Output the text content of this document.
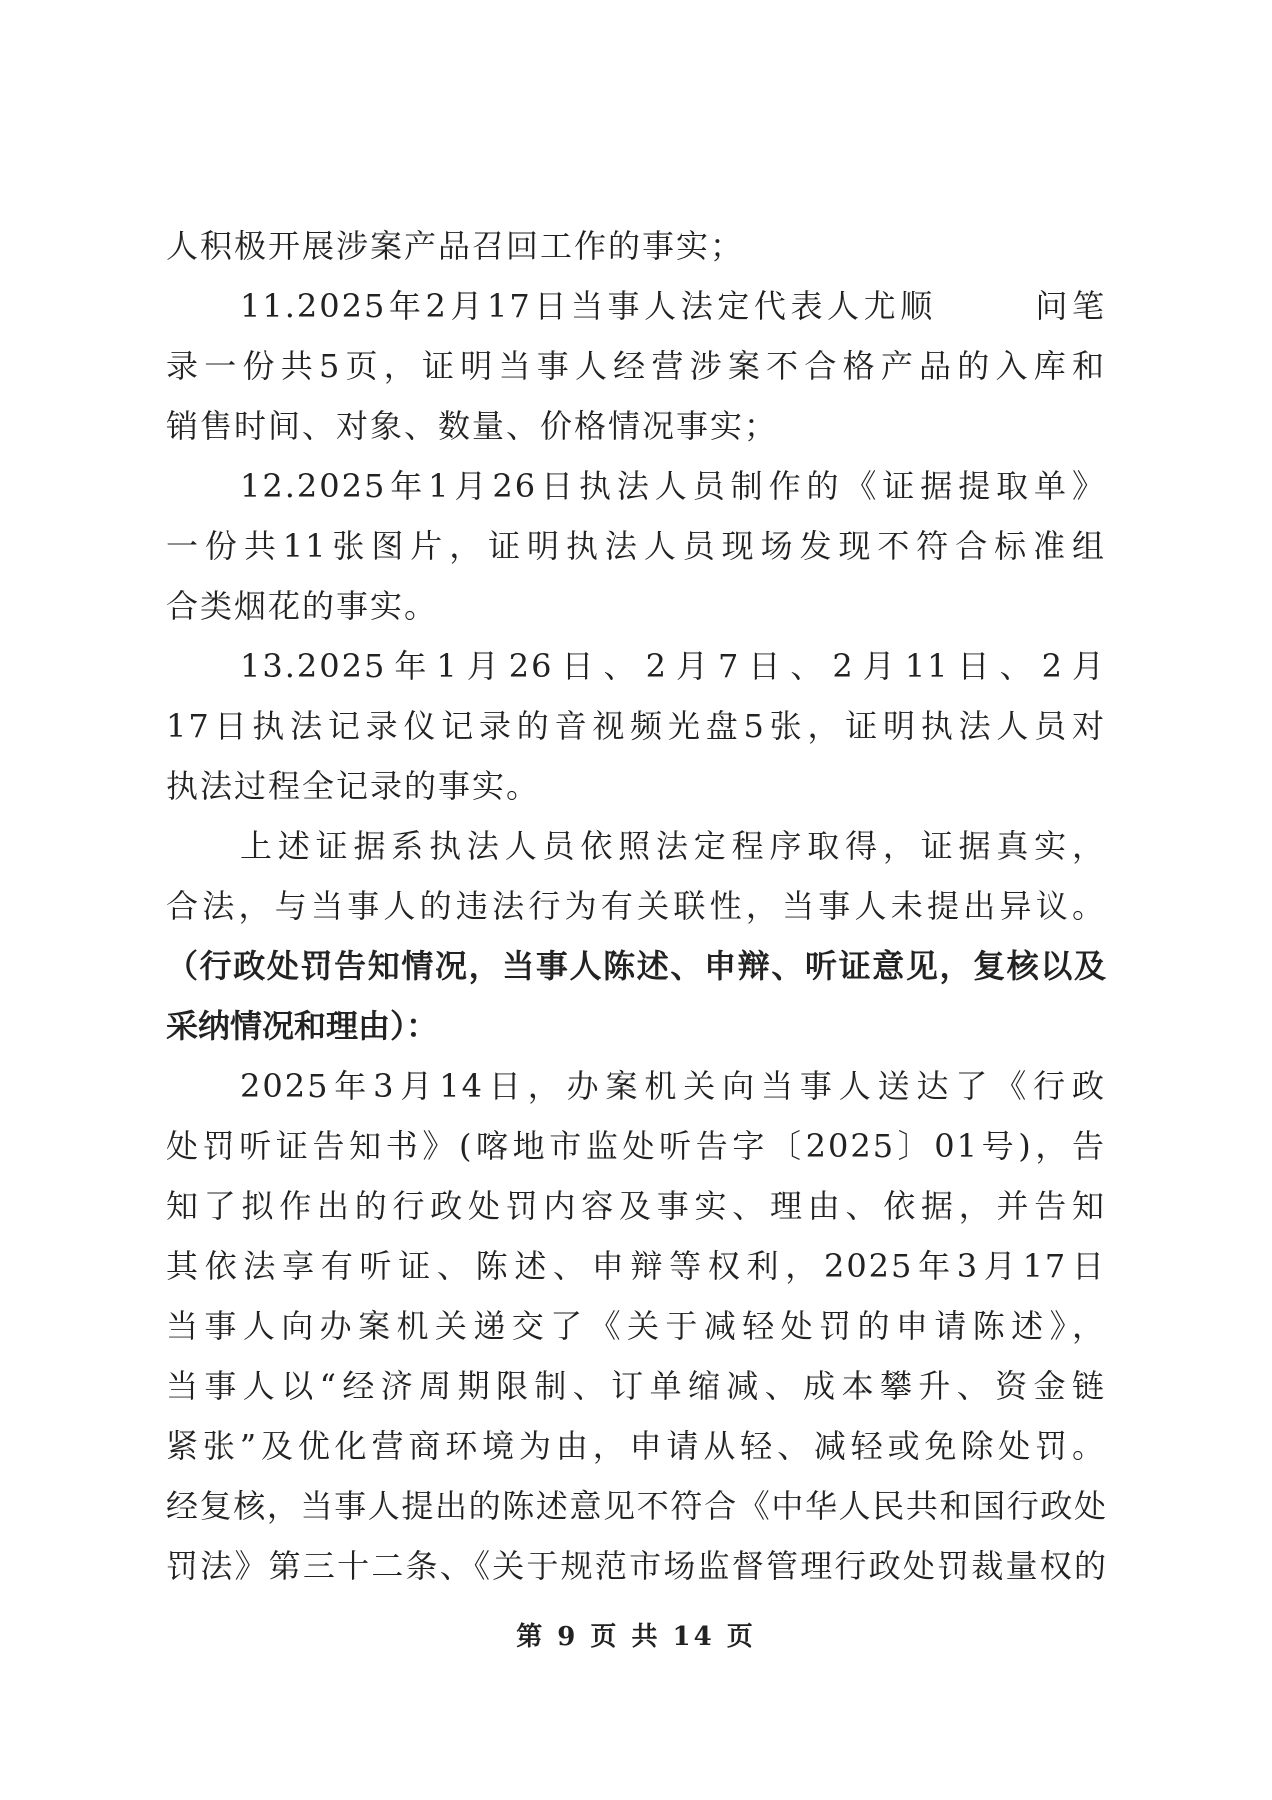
人积极开展涉案产品召回工作的事实；
11.2025年2月17日当事人法定代表人尤顺	问笔
录一份共5页，证明当事人经营涉案不合格产品的入库和
销售时间、对象、数量、价格情况事实；
12.2025年1月26日执法人员制作的《证据提取单》
一份共11张图片，证明执法人员现场发现不符合标准组
合类烟花的事实。
13.2025年1月26日、2月7日、2月11日、2月
17日执法记录仪记录的音视频光盘5张，证明执法人员对
执法过程全记录的事实。
上述证据系执法人员依照法定程序取得，证据真实，
合法，与当事人的违法行为有关联性，当事人未提出异议。
（行政处罚告知情况，当事人陈述、申辩、听证意见，复核以及
采纳情况和理由）：
2025年3月14日，办案机关向当事人送达了《行政
处罚听证告知书》(喀地市监处听告字〔2025〕01号)，告
知了拟作出的行政处罚内容及事实、理由、依据，并告知
其依法享有听证、陈述、申辩等权利，2025年3月17日
当事人向办案机关递交了《关于减轻处罚的申请陈述》，
当事人以“经济周期限制、订单缩减、成本攀升、资金链
紧张”及优化营商环境为由，申请从轻、减轻或免除处罚。
经复核，当事人提出的陈述意见不符合《中华人民共和国行政处
罚法》第三十二条、《关于规范市场监督管理行政处罚裁量权的
第 9 页 共 14 页
